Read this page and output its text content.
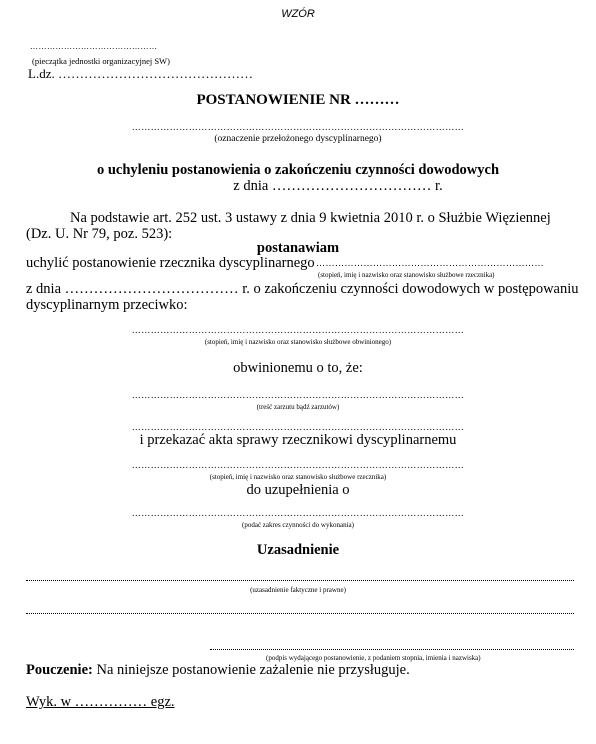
WZÓR
………………………………………
(pieczątka jednostki organizacyjnej SW)
L.dz. ………………………………………
POSTANOWIENIE NR ………
……………………………………………………………………………………………
(oznaczenie przełożonego dyscyplinarnego)
o uchyleniu postanowienia o zakończeniu czynności dowodowych
z dnia …………………………… r.
Na podstawie art. 252 ust. 3 ustawy z dnia 9 kwietnia 2010 r. o Służbie Więziennej
(Dz. U. Nr 79, poz. 523):
postanawiam
uchylić postanowienie rzecznika dyscyplinarnego ………………………………………………………………
(stopień, imię i nazwisko oraz stanowisko służbowe rzecznika)
z dnia ……………………………… r. o zakończeniu czynności dowodowych w postępowaniu
dyscyplinarnym przeciwko:
……………………………………………………………………………………………
(stopień, imię i nazwisko oraz stanowisko służbowe obwinionego)
obwinionemu o to, że:
……………………………………………………………………………………………
(treść zarzutu bądź zarzutów)
……………………………………………………………………………………………
i przekazać akta sprawy rzecznikowi dyscyplinarnemu
……………………………………………………………………………………………
(stopień, imię i nazwisko oraz stanowisko służbowe rzecznika)
do uzupełnienia o
……………………………………………………………………………………………
(podać zakres czynności do wykonania)
Uzasadnienie
(uzasadnienie faktyczne i prawne)
(podpis wydającego postanowienie, z podaniem stopnia, imienia i nazwiska)
Pouczenie: Na niniejsze postanowienie zażalenie nie przysługuje.
Wyk. w …………… egz.
